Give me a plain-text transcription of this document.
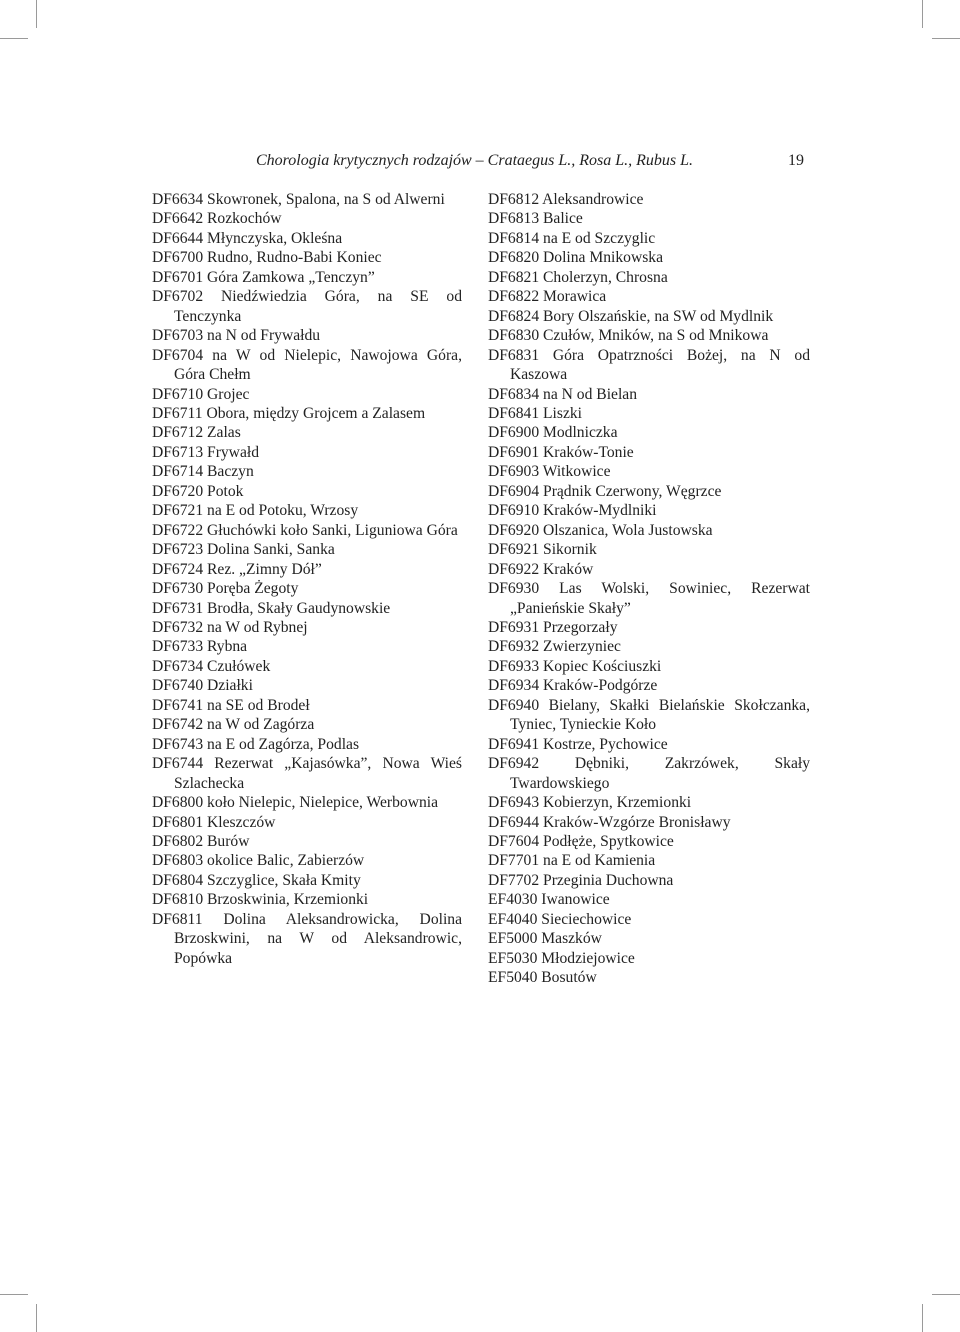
Chorologia krytycznych rodzajów – Crataegus L., Rosa L., Rubus L.	19
DF6634 Skowronek, Spalona, na S od Alwerni
DF6642 Rozkochów
DF6644 Młynczyska, Okleśna
DF6700 Rudno, Rudno-Babi Koniec
DF6701 Góra Zamkowa „Tenczyn”
DF6702 Niedźwiedzia Góra, na SE od Tenczynka
DF6703 na N od Frywałdu
DF6704 na W od Nielepic, Nawojowa Góra, Góra Chełm
DF6710 Grojec
DF6711 Obora, między Grojcem a Zalasem
DF6712 Zalas
DF6713 Frywałd
DF6714 Baczyn
DF6720 Potok
DF6721 na E od Potoku, Wrzosy
DF6722 Głuchówki koło Sanki, Liguniowa Góra
DF6723 Dolina Sanki, Sanka
DF6724 Rez. „Zimny Dół”
DF6730 Poręba Żegoty
DF6731 Brodła, Skały Gaudynowskie
DF6732 na W od Rybnej
DF6733 Rybna
DF6734 Czułówek
DF6740 Działki
DF6741 na SE od Brodeł
DF6742 na W od Zagórza
DF6743 na E od Zagórza, Podlas
DF6744 Rezerwat „Kajasówka”, Nowa Wieś Szlachecka
DF6800 koło Nielepic, Nielepice, Werbownia
DF6801 Kleszczów
DF6802 Burów
DF6803 okolice Balic, Zabierzów
DF6804 Szczyglice, Skała Kmity
DF6810 Brzoskwinia, Krzemionki
DF6811 Dolina Aleksandrowicka, Dolina Brzoskwini, na W od Aleksandrowic, Popówka
DF6812 Aleksandrowice
DF6813 Balice
DF6814 na E od Szczyglic
DF6820 Dolina Mnikowska
DF6821 Cholerzyn, Chrosna
DF6822 Morawica
DF6824 Bory Olszańskie, na SW od Mydlnik
DF6830 Czułów, Mników, na S od Mnikowa
DF6831 Góra Opatrzności Bożej, na N od Kaszowa
DF6834 na N od Bielan
DF6841 Liszki
DF6900 Modlniczka
DF6901 Kraków-Tonie
DF6903 Witkowice
DF6904 Prądnik Czerwony, Węgrzce
DF6910 Kraków-Mydlniki
DF6920 Olszanica, Wola Justowska
DF6921 Sikornik
DF6922 Kraków
DF6930 Las Wolski, Sowiniec, Rezerwat „Panieńskie Skały”
DF6931 Przegorzały
DF6932 Zwierzyniec
DF6933 Kopiec Kościuszki
DF6934 Kraków-Podgórze
DF6940 Bielany, Skałki Bielańskie Skołczanka, Tyniec, Tynieckie Koło
DF6941 Kostrze, Pychowice
DF6942 Dębniki, Zakrzówek, Skały Twardowskiego
DF6943 Kobierzyn, Krzemionki
DF6944 Kraków-Wzgórze Bronisławy
DF7604 Podłęże, Spytkowice
DF7701 na E od Kamienia
DF7702 Przeginia Duchowna
EF4030 Iwanowice
EF4040 Sieciechowice
EF5000 Maszków
EF5030 Młodziejowice
EF5040 Bosutów
